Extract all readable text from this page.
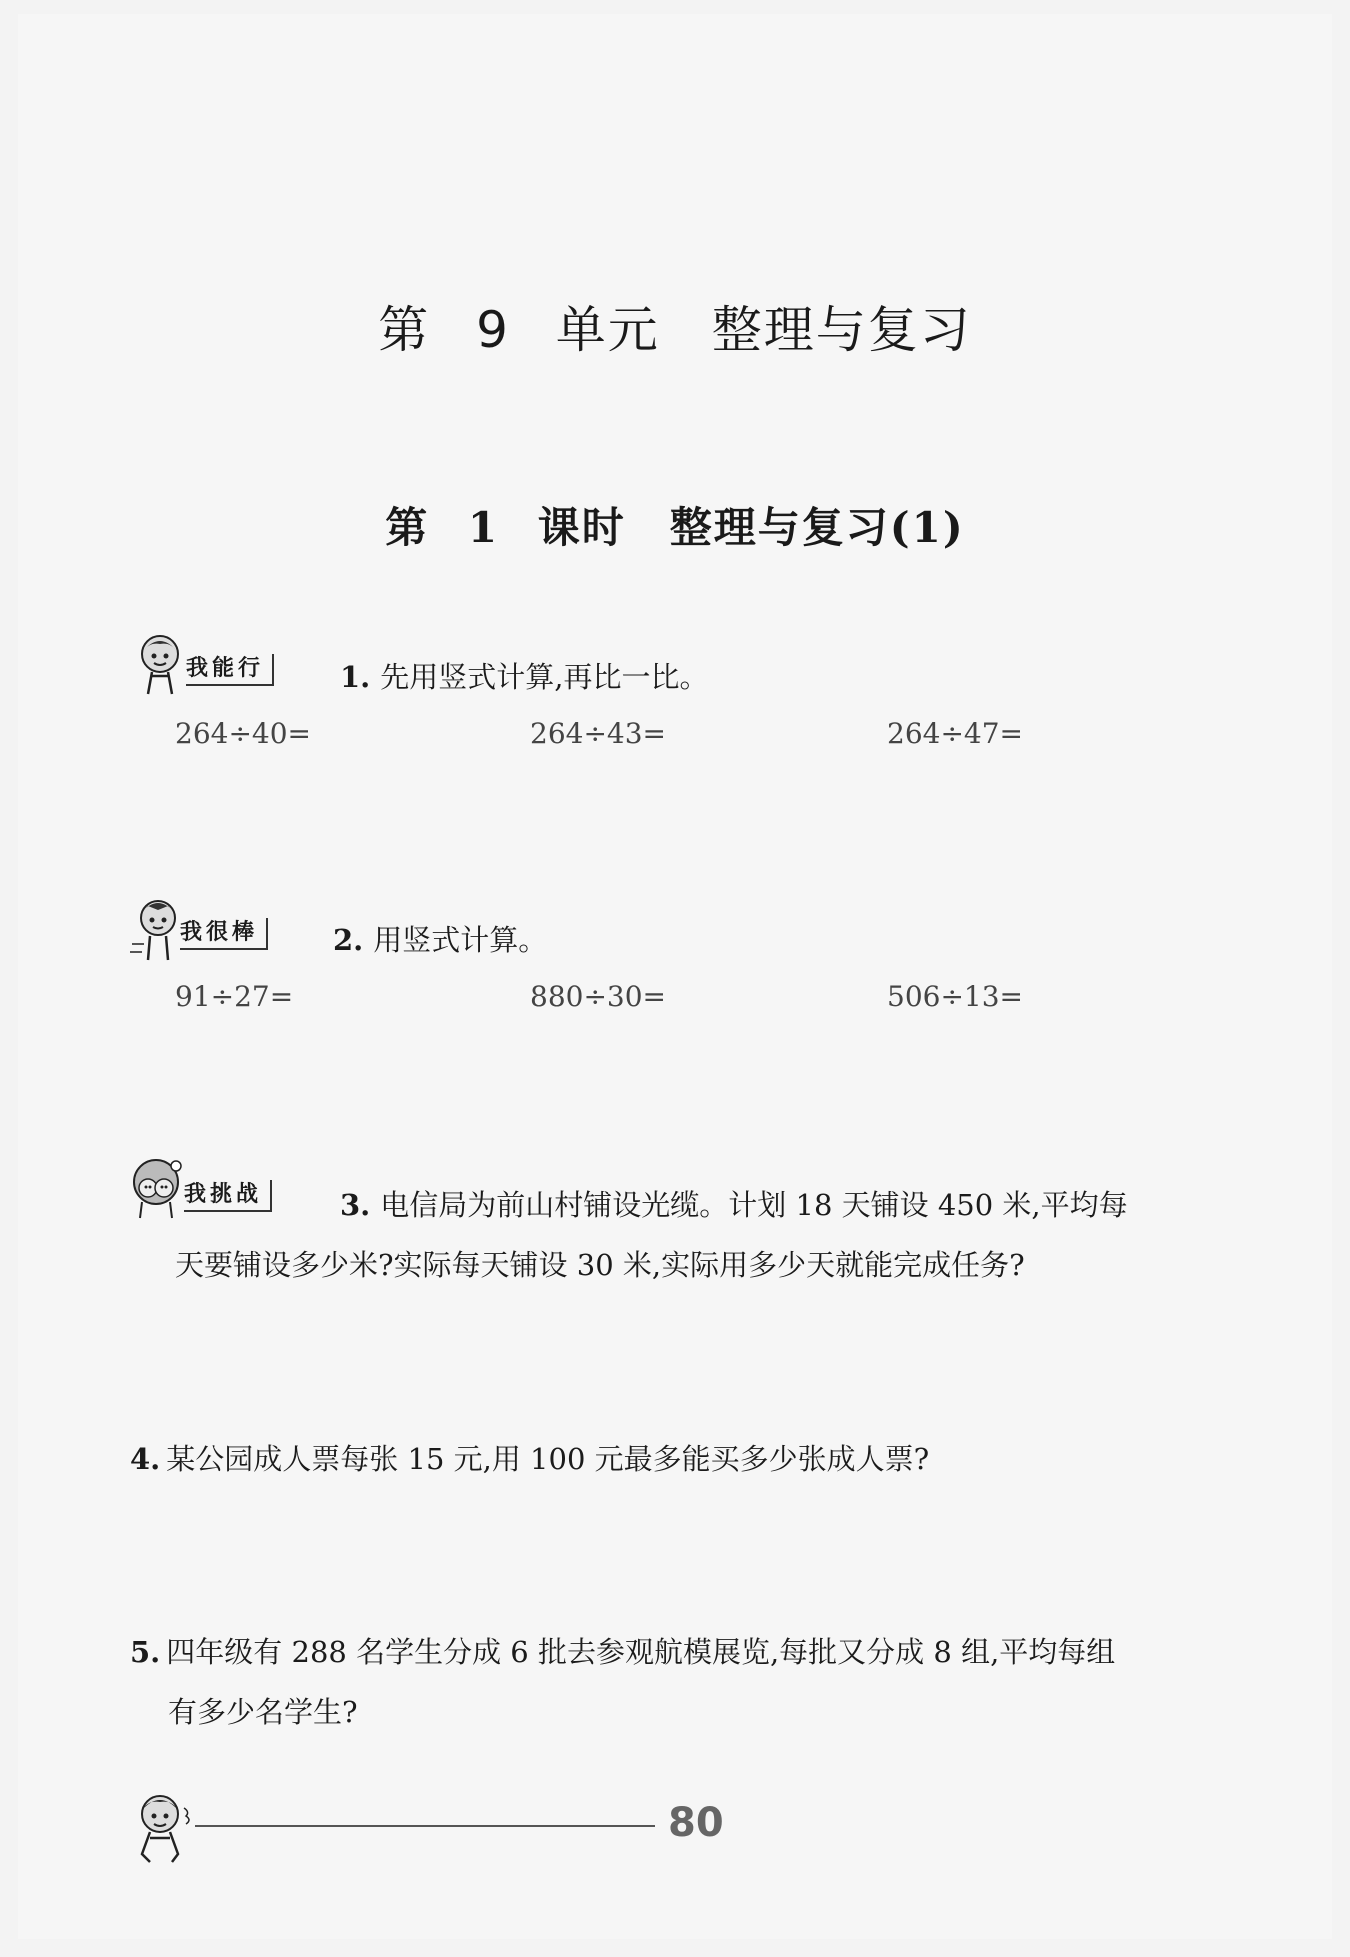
第 9 单元　整理与复习
第 1 课时　整理与复习(1)
我能行	1. 先用竖式计算,再比一比。
264÷40=	264÷43=	264÷47=
我很棒	2. 用竖式计算。
91÷27=	880÷30=	506÷13=
我挑战	3. 电信局为前山村铺设光缆。计划 18 天铺设 450 米,平均每
天要铺设多少米?实际每天铺设 30 米,实际用多少天就能完成任务?
4. 某公园成人票每张 15 元,用 100 元最多能买多少张成人票?
5. 四年级有 288 名学生分成 6 批去参观航模展览,每批又分成 8 组,平均每组
有多少名学生?
80
